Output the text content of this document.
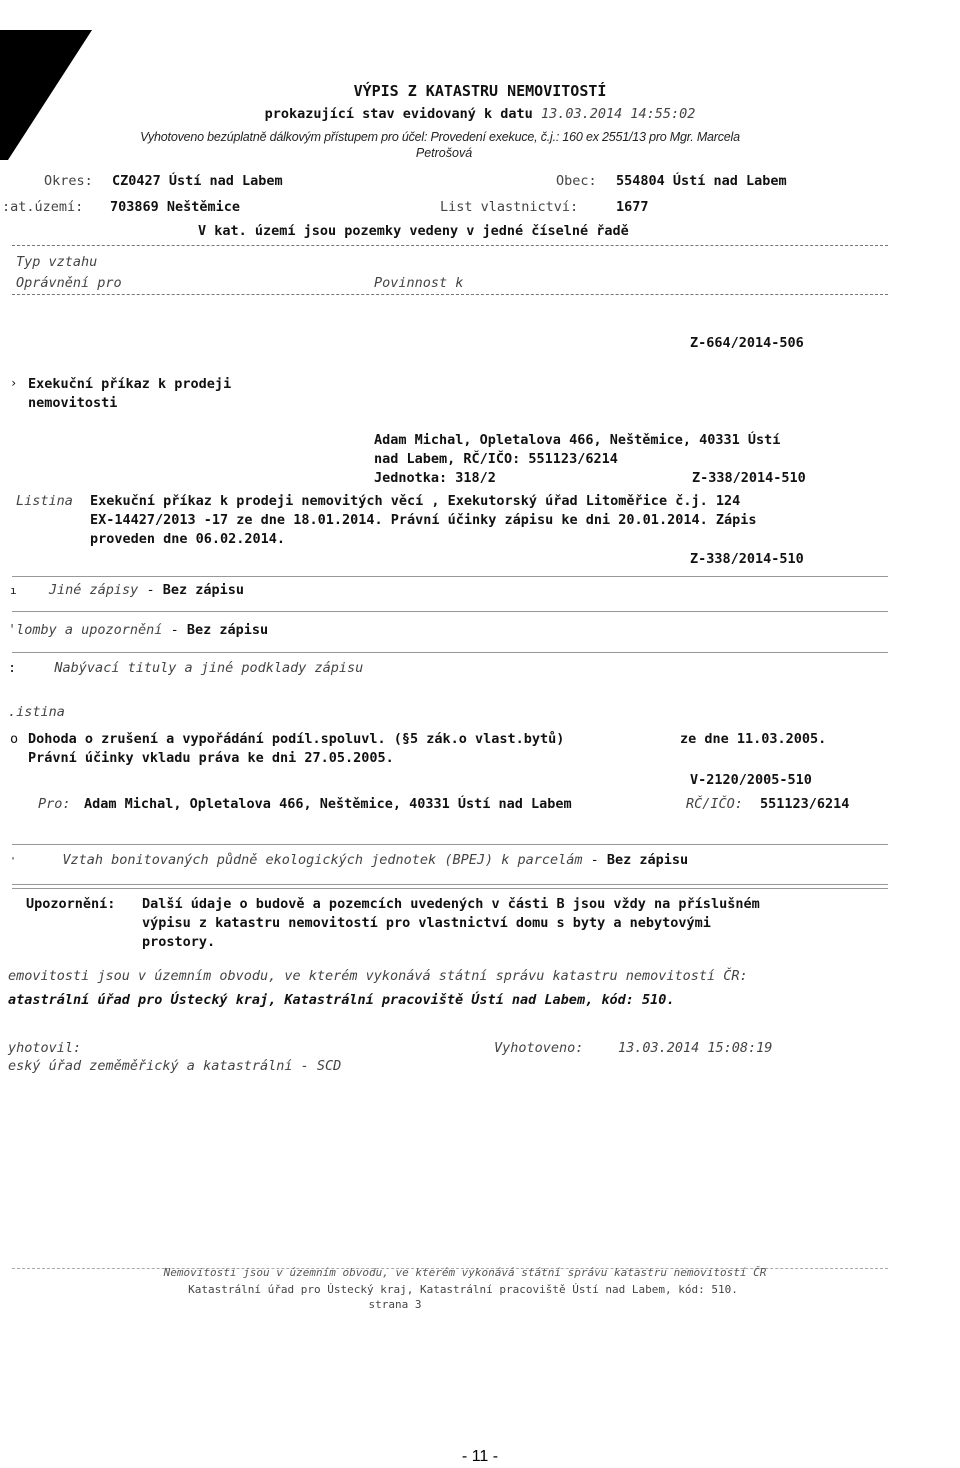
VÝPIS Z KATASTRU NEMOVITOSTÍ
prokazující stav evidovaný k datu 13.03.2014 14:55:02
Vyhotoveno bezúplatně dálkovým přístupem pro účel: Provedení exekuce, č.j.: 160 ex 2551/13 pro Mgr. Marcela
Petrošová
Okres: CZ0427 Ústí nad Labem	Obec: 554804 Ústí nad Labem
:at.území: 703869 Neštěmice	List vlastnictví:	1677
V kat. území jsou pozemky vedeny v jedné číselné řadě
Typ vztahu
Oprávnění pro	Povinnost k
Z-664/2014-506
› Exekuční příkaz k prodeji
nemovitosti
Adam Michal, Opletalova 466, Neštěmice, 40331 Ústí
nad Labem, RČ/IČO: 551123/6214
Jednotka: 318/2	Z-338/2014-510
Listina Exekuční příkaz k prodeji nemovitých věcí , Exekutorský úřad Litoměřice č.j. 124
EX-14427/2013 -17 ze dne 18.01.2014. Právní účinky zápisu ke dni 20.01.2014. Zápis
proveden dne 06.02.2014.
Z-338/2014-510
ı Jiné zápisy - Bez zápisu
'lomby a upozornění - Bez zápisu
:	Nabývací tituly a jiné podklady zápisu
.istina
o Dohoda o zrušení a vypořádání podíl.spoluvl. (§5 zák.o vlast.bytů)	ze dne 11.03.2005.
Právní účinky vkladu práva ke dni 27.05.2005.
V-2120/2005-510
Pro: Adam Michal, Opletalova 466, Neštěmice, 40331 Ústí nad Labem	RČ/IČO: 551123/6214
'	Vztah bonitovaných půdně ekologických jednotek (BPEJ) k parcelám - Bez zápisu
Upozornění: Další údaje o budově a pozemcích uvedených v části B jsou vždy na příslušném
výpisu z katastru nemovitostí pro vlastnictví domu s byty a nebytovými
prostory.
emovitosti jsou v územním obvodu, ve kterém vykonává státní správu katastru nemovitostí ČR:
atastrální úřad pro Ústecký kraj, Katastrální pracoviště Ústí nad Labem, kód: 510.
yhotovil:
eský úřad zeměměřický a katastrální - SCD
Vyhotoveno:	13.03.2014 15:08:19
Nemovitosti jsou v územním obvodu, ve kterém vykonává státní správu katastru nemovitostí ČR
Katastrální úřad pro Ústecký kraj, Katastrální pracoviště Ústí nad Labem, kód: 510.
strana 3
- 11 -
